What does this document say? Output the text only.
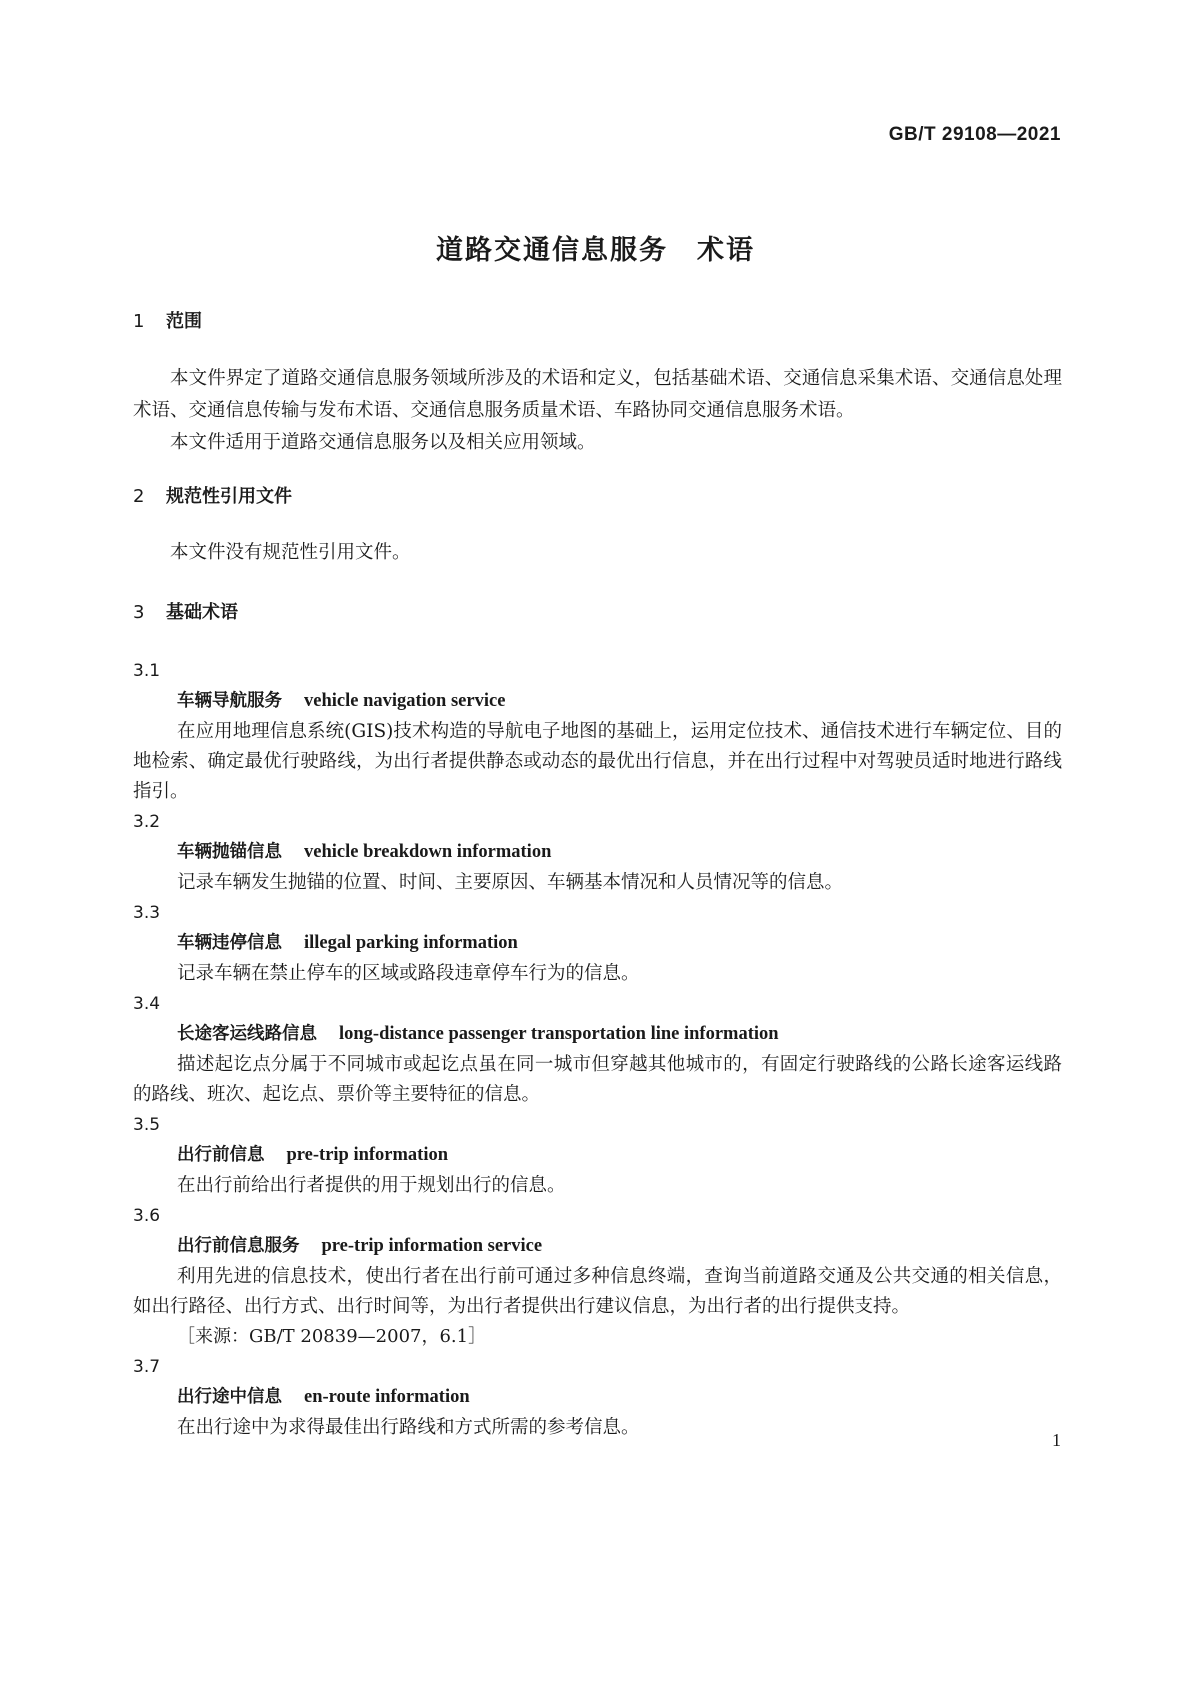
GB/T 29108—2021
道路交通信息服务　术语
1 范围

本文件界定了道路交通信息服务领域所涉及的术语和定义，包括基础术语、交通信息采集术语、交通信息处理术语、交通信息传输与发布术语、交通信息服务质量术语、车路协同交通信息服务术语。

本文件适用于道路交通信息服务以及相关应用领域。

2 规范性引用文件

本文件没有规范性引用文件。

3 基础术语
3.1
车辆导航服务 vehicle navigation service

在应用地理信息系统(GIS)技术构造的导航电子地图的基础上，运用定位技术、通信技术进行车辆定位、目的地检索、确定最优行驶路线，为出行者提供静态或动态的最优出行信息，并在出行过程中对驾驶员适时地进行路线指引。

3.2
车辆抛锚信息 vehicle breakdown information

记录车辆发生抛锚的位置、时间、主要原因、车辆基本情况和人员情况等的信息。

3.3
车辆违停信息 illegal parking information

记录车辆在禁止停车的区域或路段违章停车行为的信息。

3.4
长途客运线路信息 long-distance passenger transportation line information

描述起讫点分属于不同城市或起讫点虽在同一城市但穿越其他城市的，有固定行驶路线的公路长途客运线路的路线、班次、起讫点、票价等主要特征的信息。

3.5
出行前信息 pre-trip information

在出行前给出行者提供的用于规划出行的信息。

3.6
出行前信息服务 pre-trip information service

利用先进的信息技术，使出行者在出行前可通过多种信息终端，查询当前道路交通及公共交通的相关信息，如出行路径、出行方式、出行时间等，为出行者提供出行建议信息，为出行者的出行提供支持。

［来源：GB/T 20839—2007，6.1］
3.7
出行途中信息 en-route information

在出行途中为求得最佳出行路线和方式所需的参考信息。

1
